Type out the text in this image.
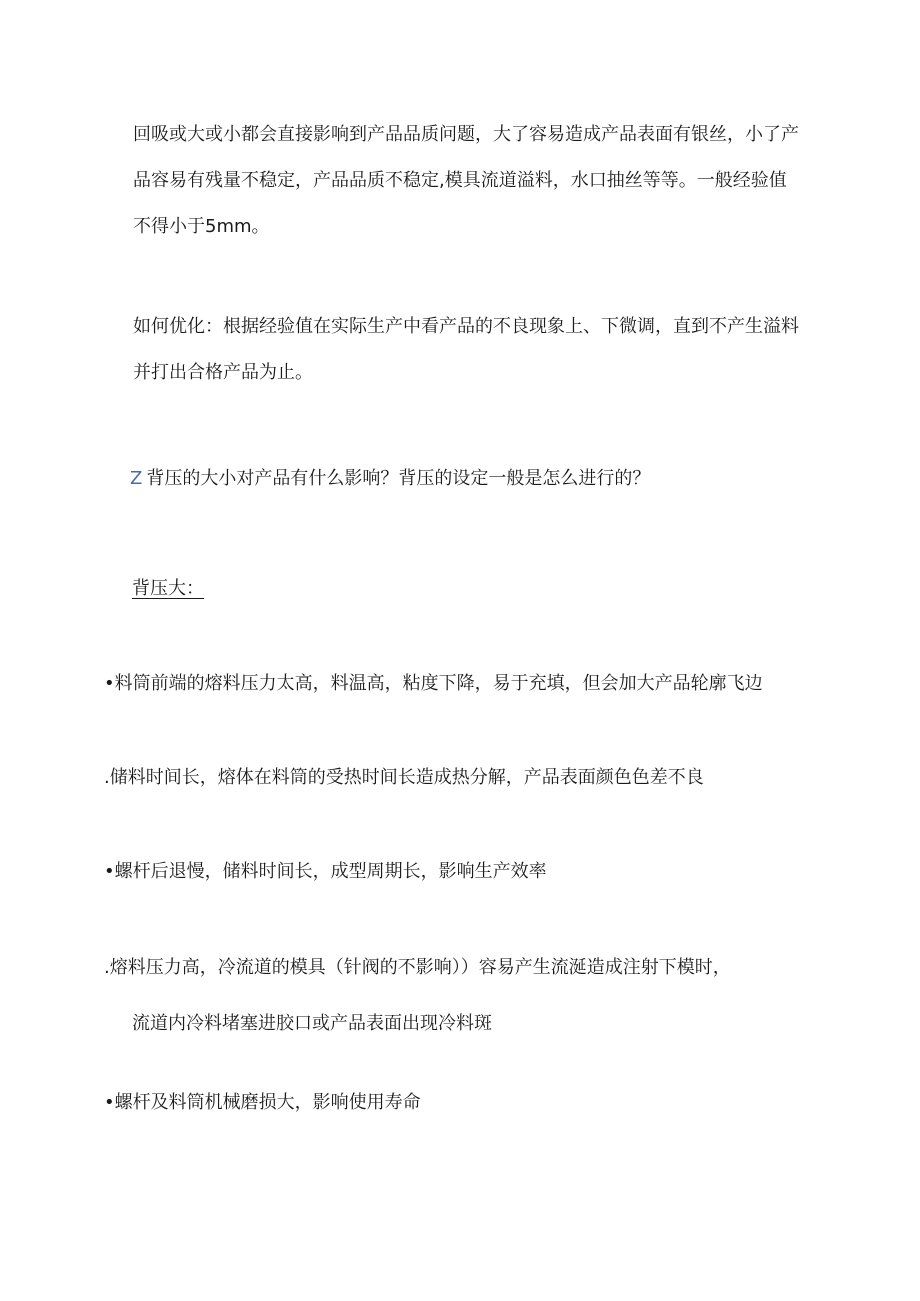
回吸或大或小都会直接影响到产品品质问题，大了容易造成产品表面有银丝，小了产品容易有残量不稳定，产品品质不稳定,模具流道溢料，水口抽丝等等。一般经验值不得小于5mm。

如何优化：根据经验值在实际生产中看产品的不良现象上、下微调，直到不产生溢料并打出合格产品为止。

Z 背压的大小对产品有什么影响？背压的设定一般是怎么进行的？
背压大：
•料筒前端的熔料压力太高，料温高，粘度下降，易于充填，但会加大产品轮廓飞边
.储料时间长，熔体在料筒的受热时间长造成热分解，产品表面颜色色差不良
•螺杆后退慢，储料时间长，成型周期长，影响生产效率
.熔料压力高，冷流道的模具（针阀的不影响））容易产生流涎造成注射下模时，
流道内冷料堵塞进胶口或产品表面出现冷料斑
•螺杆及料筒机械磨损大，影响使用寿命
